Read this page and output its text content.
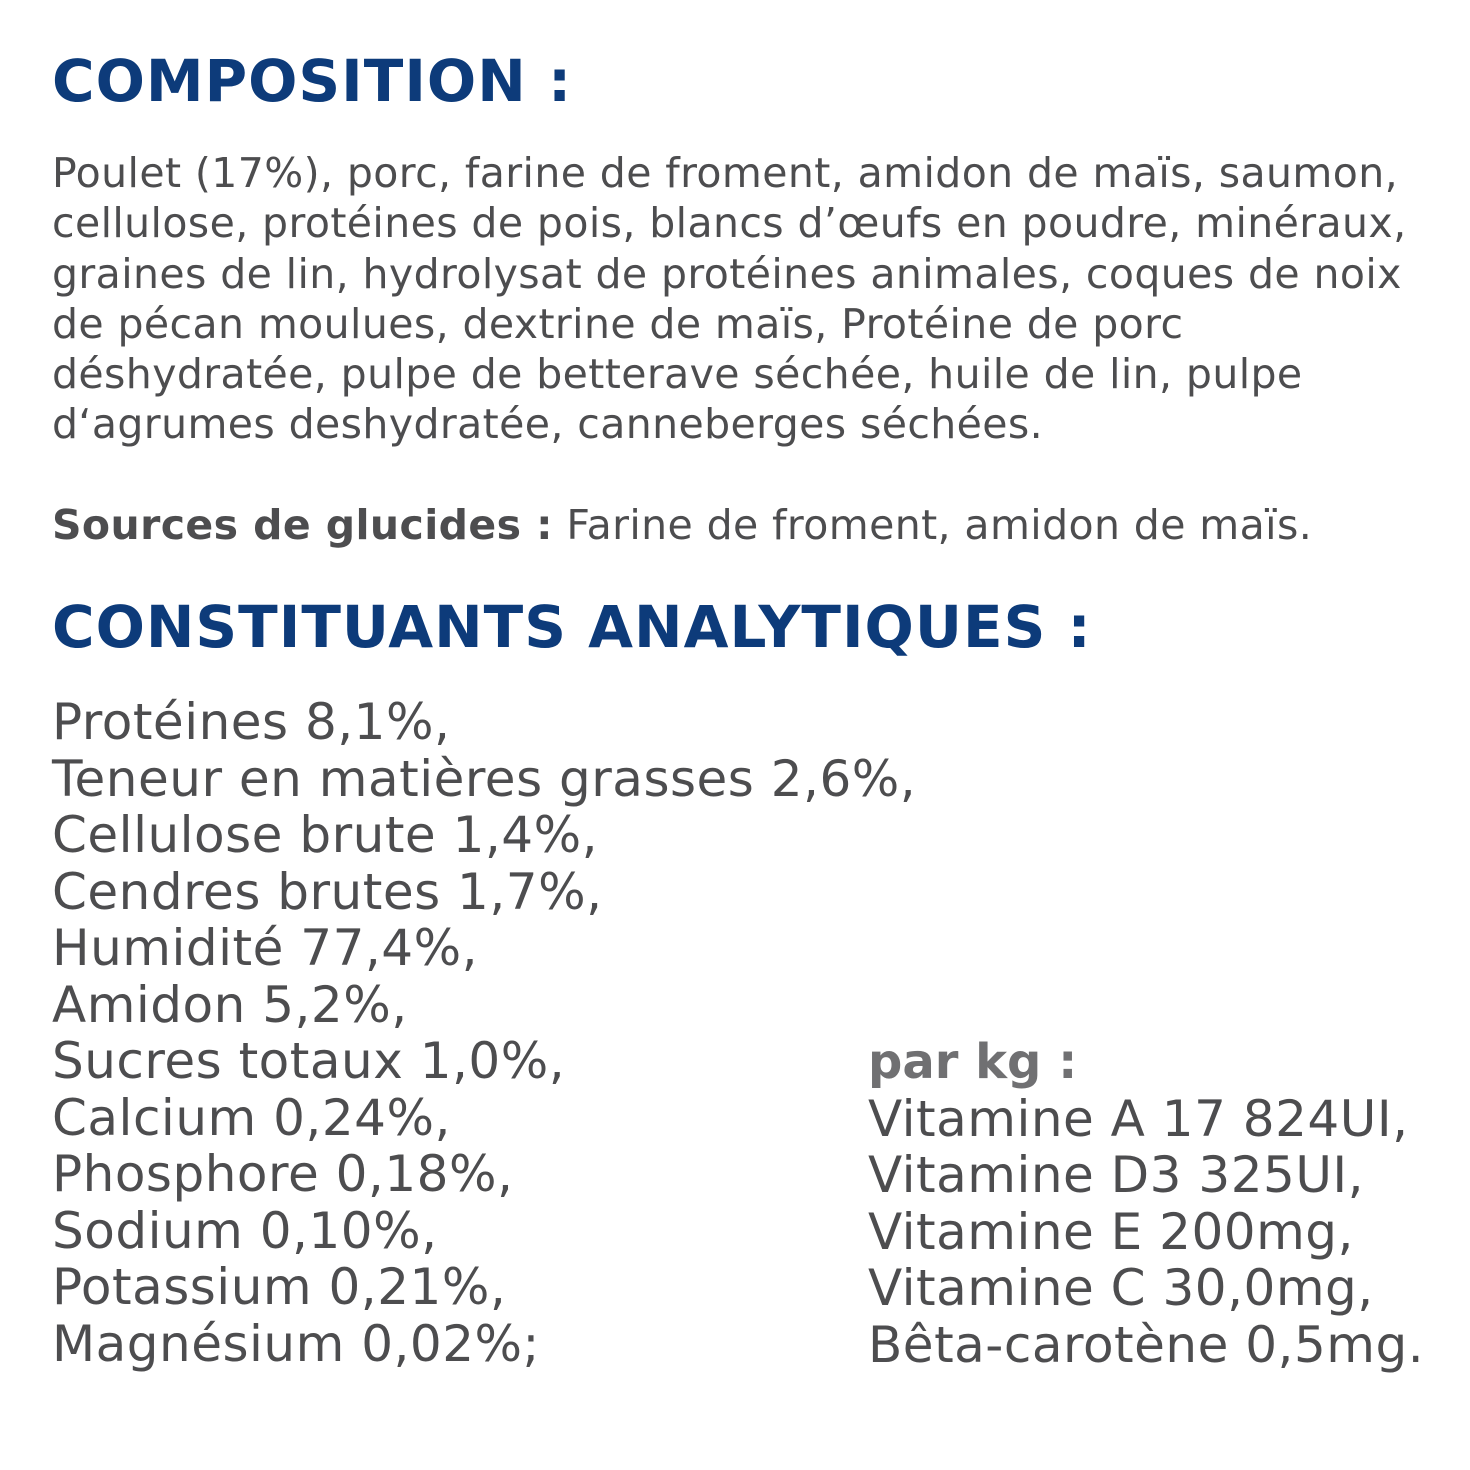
COMPOSITION :

Poulet (17%), porc, farine de froment, amidon de maïs, saumon, cellulose, protéines de pois, blancs d’œufs en poudre, minéraux, graines de lin, hydrolysat de protéines animales, coques de noix de pécan moulues, dextrine de maïs, Protéine de porc déshydratée, pulpe de betterave séchée, huile de lin, pulpe d‘agrumes deshydratée, canneberges séchées.

Sources de glucides : Farine de froment, amidon de maïs.

CONSTITUANTS ANALYTIQUES :
Protéines 8,1%,
Teneur en matières grasses 2,6%,
Cellulose brute 1,4%,
Cendres brutes 1,7%,
Humidité 77,4%,
Amidon 5,2%,
Sucres totaux 1,0%,
Calcium 0,24%,
Phosphore 0,18%,
Sodium 0,10%,
Potassium 0,21%,
Magnésium 0,02%;
par kg :
Vitamine A 17 824UI,
Vitamine D3 325UI,
Vitamine E 200mg,
Vitamine C 30,0mg,
Bêta-carotène 0,5mg.
